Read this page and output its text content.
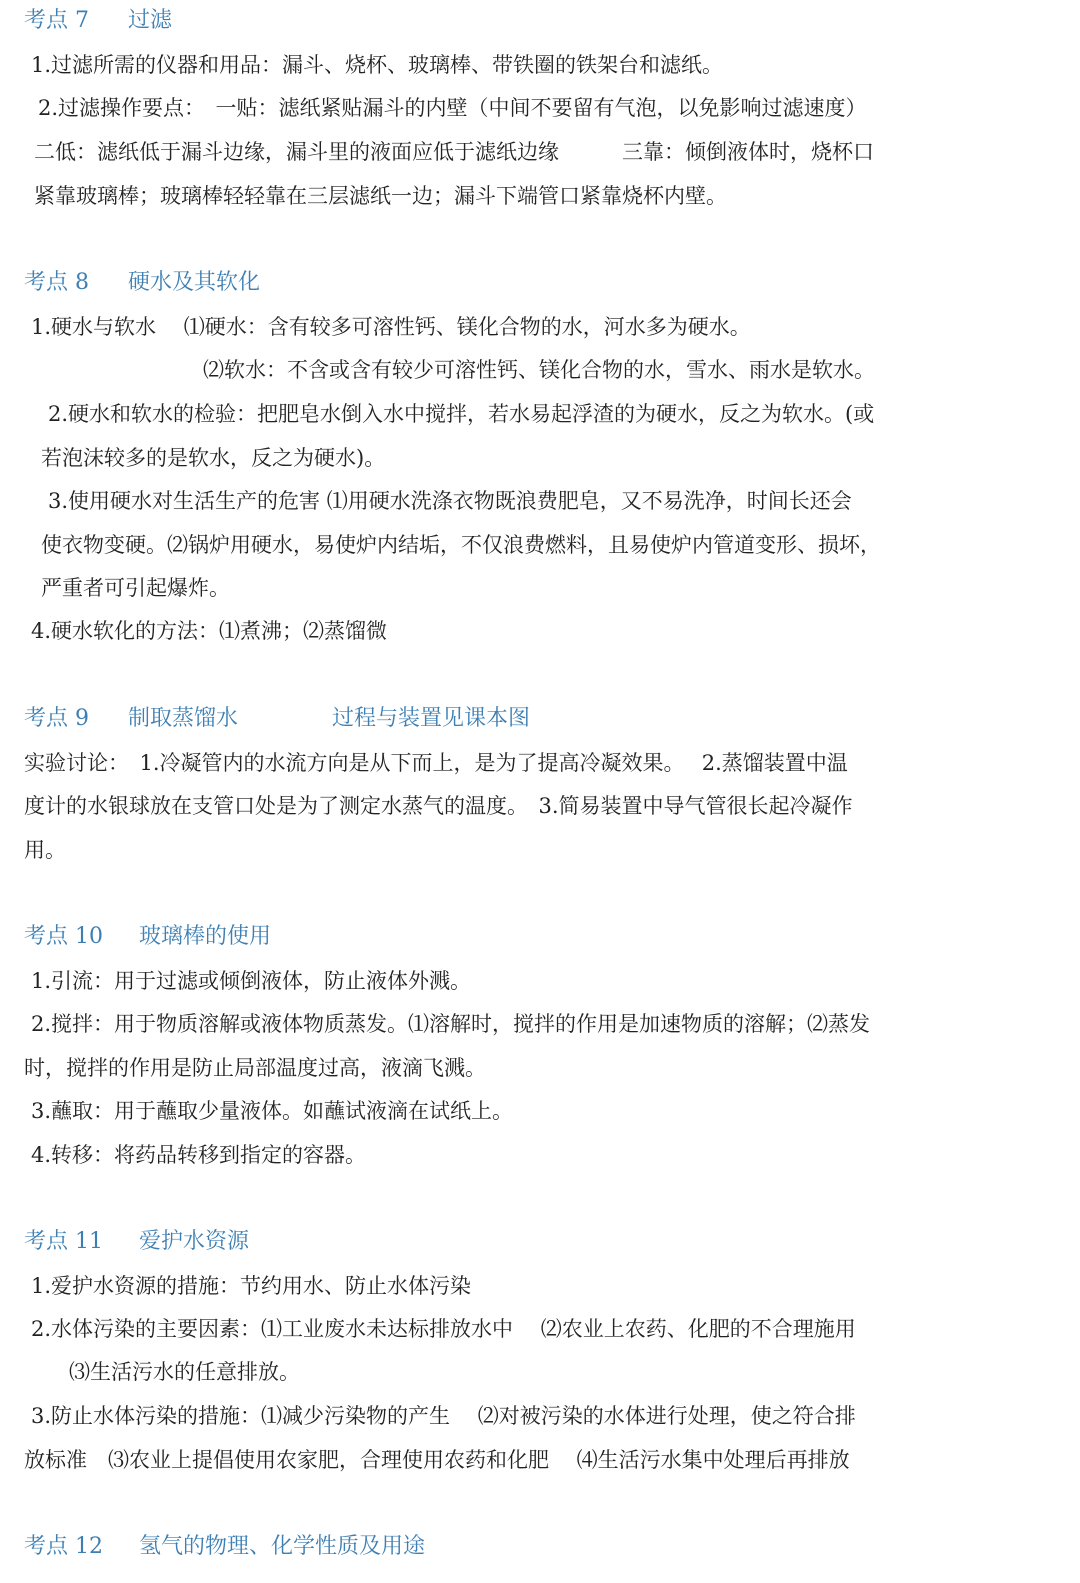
考点 7 过滤
1.过滤所需的仪器和用品：漏斗、烧杯、玻璃棒、带铁圈的铁架台和滤纸。
2.过滤操作要点：　一贴：滤纸紧贴漏斗的内壁（中间不要留有气泡，以免影响过滤速度）
二低：滤纸低于漏斗边缘，漏斗里的液面应低于滤纸边缘　　　三靠：倾倒液体时，烧杯口
紧靠玻璃棒；玻璃棒轻轻靠在三层滤纸一边；漏斗下端管口紧靠烧杯内壁。
考点 8 硬水及其软化
1.硬水与软水　 ⑴硬水：含有较多可溶性钙、镁化合物的水，河水多为硬水。
⑵软水：不含或含有较少可溶性钙、镁化合物的水，雪水、雨水是软水。
2.硬水和软水的检验：把肥皂水倒入水中搅拌，若水易起浮渣的为硬水，反之为软水。(或
若泡沫较多的是软水，反之为硬水)。
3.使用硬水对生活生产的危害 ⑴用硬水洗涤衣物既浪费肥皂，又不易洗净，时间长还会
使衣物变硬。⑵锅炉用硬水，易使炉内结垢，不仅浪费燃料，且易使炉内管道变形、损坏，
严重者可引起爆炸。
4.硬水软化的方法：⑴煮沸；⑵蒸馏微
考点 9 制取蒸馏水	过程与装置见课本图
实验讨论：　1.冷凝管内的水流方向是从下而上，是为了提高冷凝效果。　 2.蒸馏装置中温
度计的水银球放在支管口处是为了测定水蒸气的温度。　3.简易装置中导气管很长起冷凝作
用。
考点 10 玻璃棒的使用
1.引流：用于过滤或倾倒液体，防止液体外溅。
2.搅拌：用于物质溶解或液体物质蒸发。⑴溶解时，搅拌的作用是加速物质的溶解；⑵蒸发
时，搅拌的作用是防止局部温度过高，液滴飞溅。
3.蘸取：用于蘸取少量液体。如蘸试液滴在试纸上。
4.转移：将药品转移到指定的容器。
考点 11 爱护水资源
1.爱护水资源的措施：节约用水、防止水体污染
2.水体污染的主要因素：⑴工业废水未达标排放水中　 ⑵农业上农药、化肥的不合理施用
⑶生活污水的任意排放。
3.防止水体污染的措施：⑴减少污染物的产生　 ⑵对被污染的水体进行处理，使之符合排
放标准　⑶农业上提倡使用农家肥，合理使用农药和化肥　 ⑷生活污水集中处理后再排放
考点 12 氢气的物理、化学性质及用途
